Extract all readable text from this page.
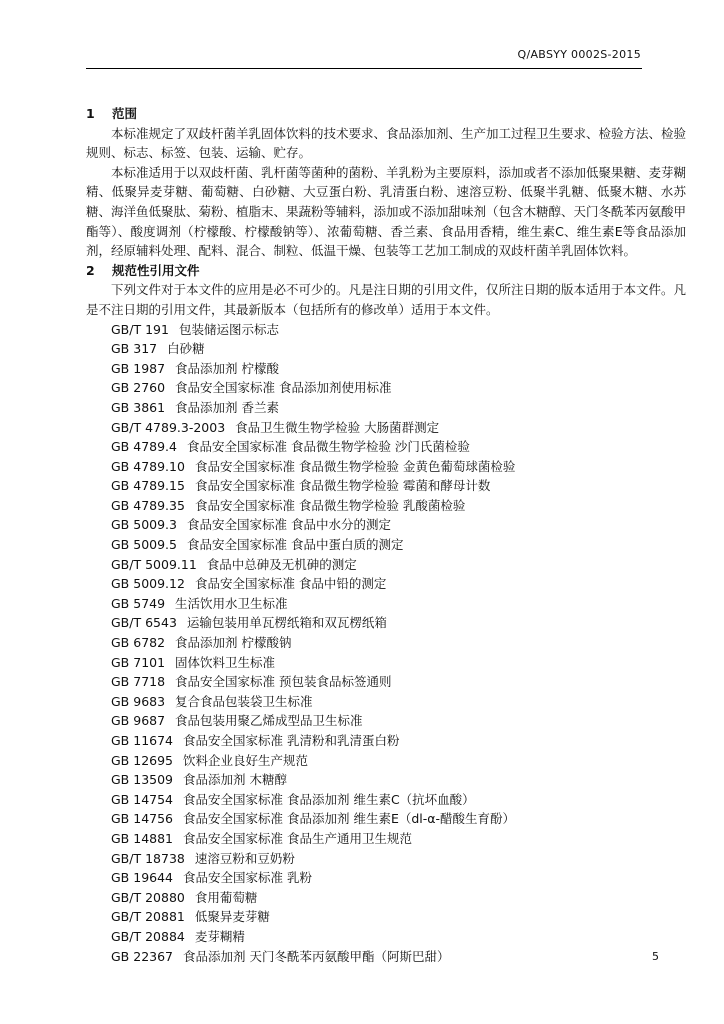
Q/ABSYY 0002S-2015
1 范围
本标准规定了双歧杆菌羊乳固体饮料的技术要求、食品添加剂、生产加工过程卫生要求、检验方法、检验规则、标志、标签、包装、运输、贮存。
本标准适用于以双歧杆菌、乳杆菌等菌种的菌粉、羊乳粉为主要原料，添加或者不添加低聚果糖、麦芽糊精、低聚异麦芽糖、葡萄糖、白砂糖、大豆蛋白粉、乳清蛋白粉、速溶豆粉、低聚半乳糖、低聚木糖、水苏糖、海洋鱼低聚肽、菊粉、植脂末、果蔬粉等辅料，添加或不添加甜味剂（包含木糖醇、天门冬酰苯丙氨酸甲酯等）、酸度调剂（柠檬酸、柠檬酸钠等）、浓葡萄糖、香兰素、食品用香精，维生素C、维生素E等食品添加剂，经原辅料处理、配料、混合、制粒、低温干燥、包装等工艺加工制成的双歧杆菌羊乳固体饮料。
2 规范性引用文件
下列文件对于本文件的应用是必不可少的。凡是注日期的引用文件，仅所注日期的版本适用于本文件。凡是不注日期的引用文件，其最新版本（包括所有的修改单）适用于本文件。
GB/T 191 包装储运图示标志
GB 317 白砂糖
GB 1987 食品添加剂 柠檬酸
GB 2760 食品安全国家标准 食品添加剂使用标准
GB 3861 食品添加剂 香兰素
GB/T 4789.3-2003 食品卫生微生物学检验 大肠菌群测定
GB 4789.4 食品安全国家标准 食品微生物学检验 沙门氏菌检验
GB 4789.10 食品安全国家标准 食品微生物学检验 金黄色葡萄球菌检验
GB 4789.15 食品安全国家标准 食品微生物学检验 霉菌和酵母计数
GB 4789.35 食品安全国家标准 食品微生物学检验 乳酸菌检验
GB 5009.3 食品安全国家标准 食品中水分的测定
GB 5009.5 食品安全国家标准 食品中蛋白质的测定
GB/T 5009.11 食品中总砷及无机砷的测定
GB 5009.12 食品安全国家标准 食品中铅的测定
GB 5749 生活饮用水卫生标准
GB/T 6543 运输包装用单瓦楞纸箱和双瓦楞纸箱
GB 6782 食品添加剂 柠檬酸钠
GB 7101 固体饮料卫生标准
GB 7718 食品安全国家标准 预包装食品标签通则
GB 9683 复合食品包装袋卫生标准
GB 9687 食品包装用聚乙烯成型品卫生标准
GB 11674 食品安全国家标准 乳清粉和乳清蛋白粉
GB 12695 饮料企业良好生产规范
GB 13509 食品添加剂 木糖醇
GB 14754 食品安全国家标准 食品添加剂 维生素C（抗坏血酸）
GB 14756 食品安全国家标准 食品添加剂 维生素E（dl-α-醋酸生育酚）
GB 14881 食品安全国家标准 食品生产通用卫生规范
GB/T 18738 速溶豆粉和豆奶粉
GB 19644 食品安全国家标准 乳粉
GB/T 20880 食用葡萄糖
GB/T 20881 低聚异麦芽糖
GB/T 20884 麦芽糊精
GB 22367 食品添加剂 天门冬酰苯丙氨酸甲酯（阿斯巴甜）	5
